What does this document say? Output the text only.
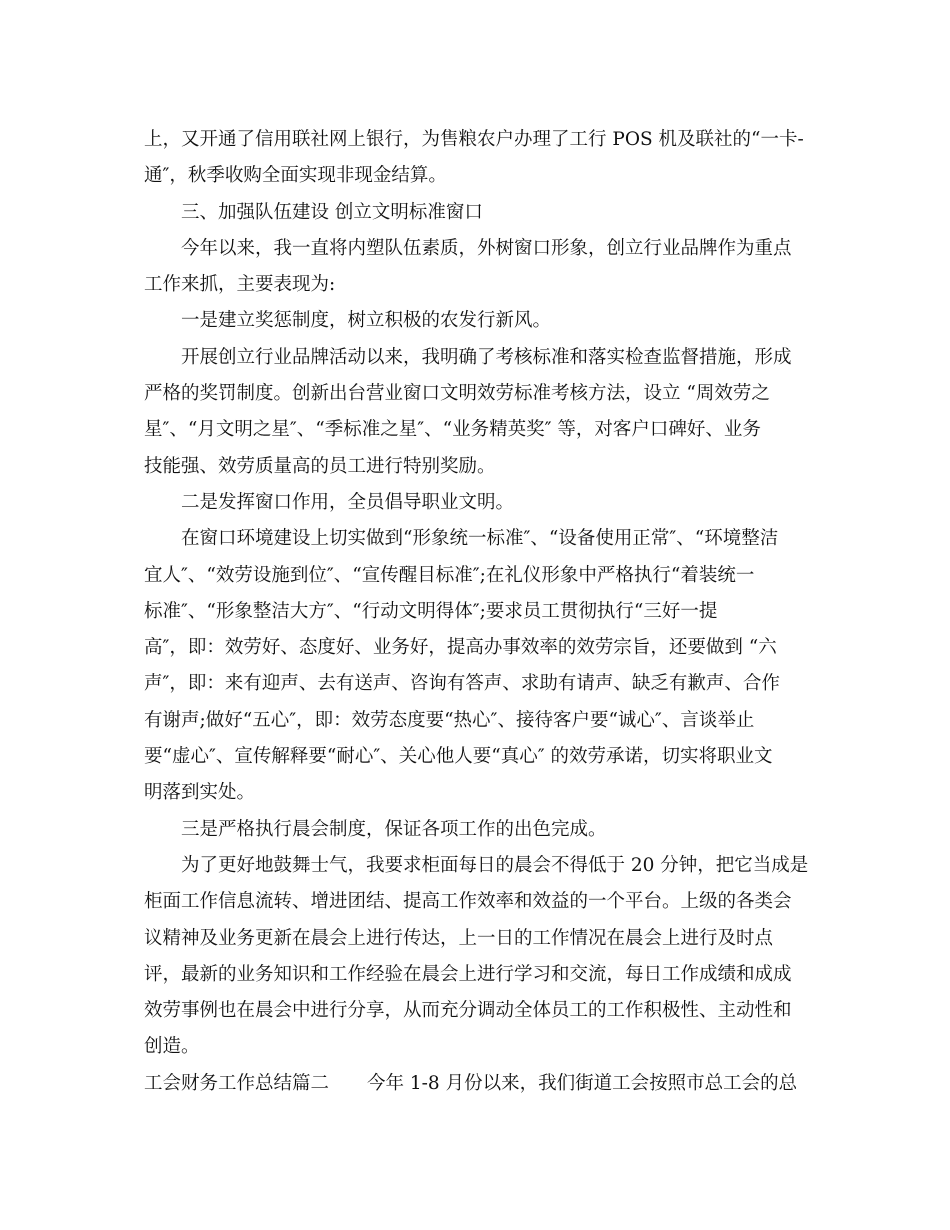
上，又开通了信用联社网上银行，为售粮农户办理了工行 POS 机及联社的“一卡-
通″，秋季收购全面实现非现金结算。
三、加强队伍建设 创立文明标准窗口
今年以来，我一直将内塑队伍素质，外树窗口形象，创立行业品牌作为重点
工作来抓，主要表现为:
一是建立奖惩制度，树立积极的农发行新风。
开展创立行业品牌活动以来，我明确了考核标准和落实检查监督措施，形成
严格的奖罚制度。创新出台营业窗口文明效劳标准考核方法，设立 “周效劳之
星″、“月文明之星″、“季标准之星″、“业务精英奖″ 等，对客户口碑好、业务
技能强、效劳质量高的员工进行特别奖励。
二是发挥窗口作用，全员倡导职业文明。
在窗口环境建设上切实做到“形象统一标准″、“设备使用正常″、“环境整洁
宜人″、“效劳设施到位″、“宣传醒目标准″;在礼仪形象中严格执行“着装统一
标准″、“形象整洁大方″、“行动文明得体″;要求员工贯彻执行“三好一提
高″，即：效劳好、态度好、业务好，提高办事效率的效劳宗旨，还要做到 “六
声″，即：来有迎声、去有送声、咨询有答声、求助有请声、缺乏有歉声、合作
有谢声;做好“五心″，即：效劳态度要“热心″、接待客户要“诚心″、言谈举止
要“虚心″、宣传解释要“耐心″、关心他人要“真心″ 的效劳承诺，切实将职业文
明落到实处。
三是严格执行晨会制度，保证各项工作的出色完成。
为了更好地鼓舞士气，我要求柜面每日的晨会不得低于 20 分钟，把它当成是
柜面工作信息流转、增进团结、提高工作效率和效益的一个平台。上级的各类会
议精神及业务更新在晨会上进行传达，上一日的工作情况在晨会上进行及时点
评，最新的业务知识和工作经验在晨会上进行学习和交流，每日工作成绩和成成
效劳事例也在晨会中进行分享，从而充分调动全体员工的工作积极性、主动性和
创造。
工会财务工作总结篇二 今年 1-8 月份以来，我们街道工会按照市总工会的总
